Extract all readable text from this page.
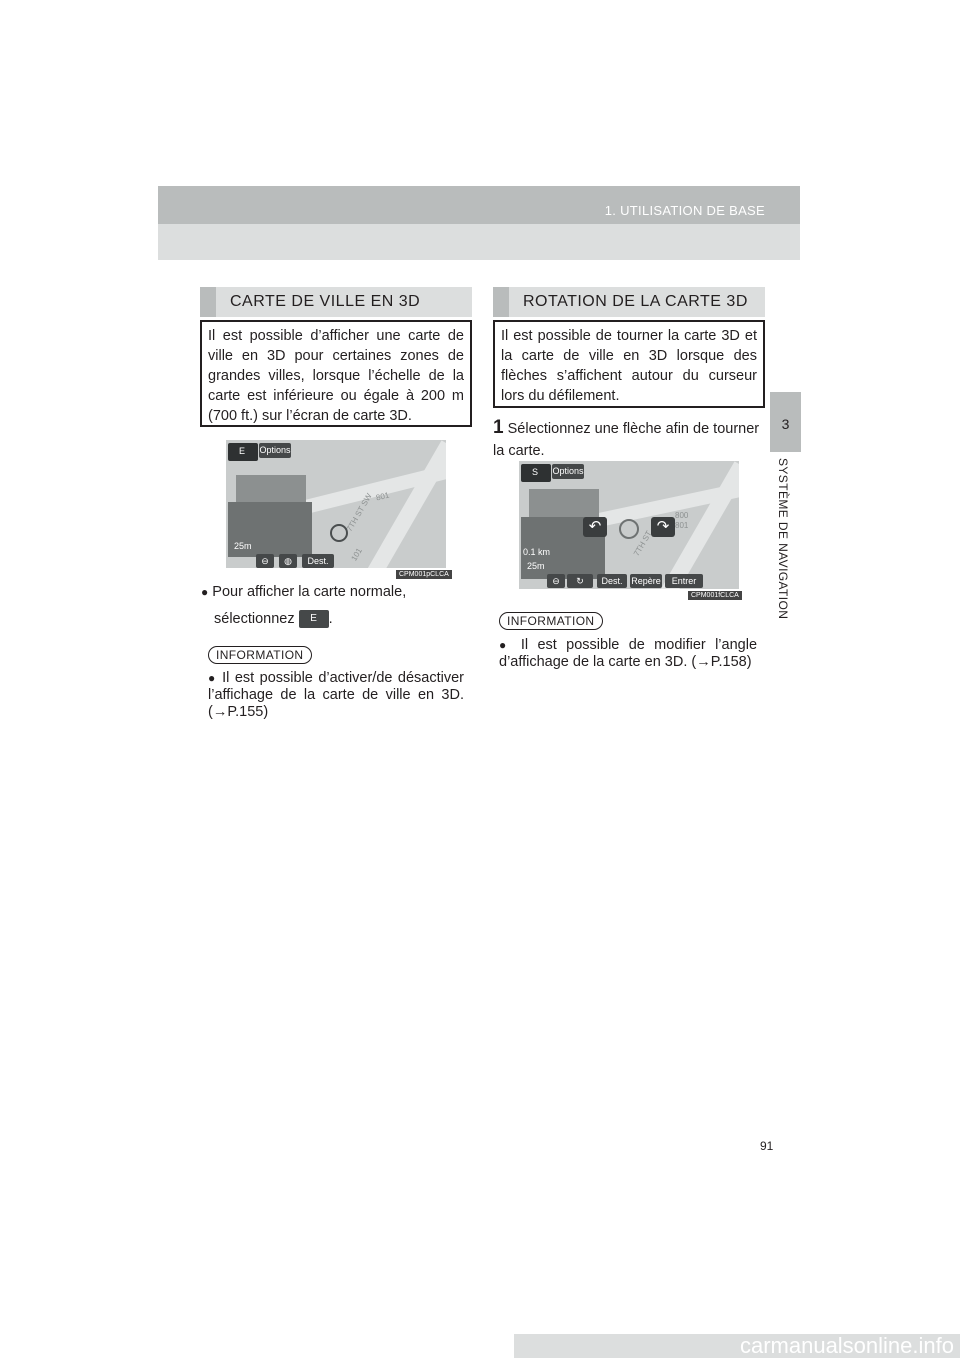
1. UTILISATION DE BASE
3
SYSTÈME DE NAVIGATION
CARTE DE VILLE EN 3D
Il est possible d’afficher une carte de ville en 3D pour certaines zones de grandes villes, lorsque l’échelle de la carte est inférieure ou égale à 200 m (700 ft.) sur l’écran de carte 3D.
E Options
25m
⊖	◍	Dest.
7TH ST SW 801
101
CPM001pCLCA
● Pour afficher la carte normale,
sélectionnez E .
INFORMATION
● Il est possible d’activer/de désactiver l’affichage de la carte de ville en 3D. (→P.155)
ROTATION DE LA CARTE 3D
Il est possible de tourner la carte 3D et la carte de ville en 3D lorsque des flèches s’affichent autour du curseur lors du défilement.
1 Sélectionnez une flèche afin de tourner la carte.
S Options
↶	↷
7TH ST
800
801
0.1 km
25m
⊖	↻	Dest. Repère	Entrer
CPM001fCLCA
INFORMATION
● Il est possible de modifier l’angle d’affichage de la carte en 3D. (→P.158)
91
carmanualsonline.info
